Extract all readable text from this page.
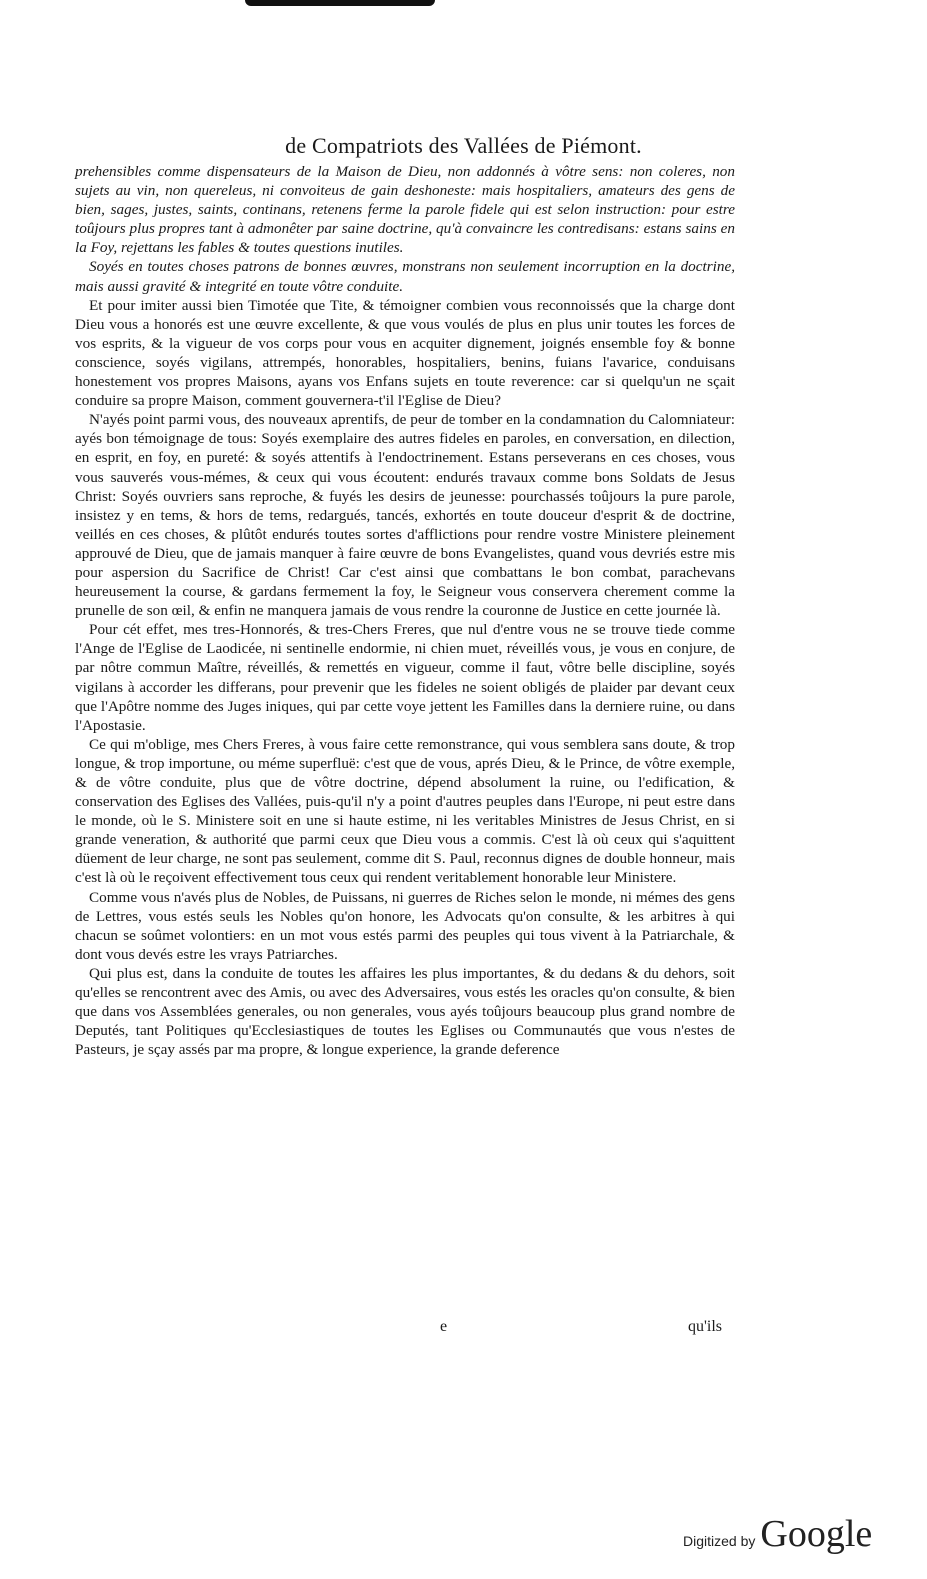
de Compatriots des Vallées de Piémont.

prehensibles comme dispensateurs de la Maison de Dieu, non addonnés à vôtre sens: non coleres, non sujets au vin, non quereleus, ni convoiteus de gain deshoneste: mais hospitaliers, amateurs des gens de bien, sages, justes, saints, continans, retenens ferme la parole fidele qui est selon instruction: pour estre toûjours plus propres tant à admonêter par saine doctrine, qu'à convaincre les contredisans: estans sains en la Foy, rejettans les fables & toutes questions inutiles.

Soyés en toutes choses patrons de bonnes œuvres, monstrans non seulement incorruption en la doctrine, mais aussi gravité & integrité en toute vôtre conduite.

Et pour imiter aussi bien Timotée que Tite, & témoigner combien vous reconnoissés que la charge dont Dieu vous a honorés est une œuvre excellente, & que vous voulés de plus en plus unir toutes les forces de vos esprits, & la vigueur de vos corps pour vous en acquiter dignement, joignés ensemble foy & bonne conscience, soyés vigilans, attrempés, honorables, hospitaliers, benins, fuians l'avarice, conduisans honestement vos propres Maisons, ayans vos Enfans sujets en toute reverence: car si quelqu'un ne sçait conduire sa propre Maison, comment gouvernera-t'il l'Eglise de Dieu?

N'ayés point parmi vous, des nouveaux aprentifs, de peur de tomber en la condamnation du Calomniateur: ayés bon témoignage de tous: Soyés exemplaire des autres fideles en paroles, en conversation, en dilection, en esprit, en foy, en pureté: & soyés attentifs à l'endoctrinement. Estans perseverans en ces choses, vous vous sauverés vous-mémes, & ceux qui vous écoutent: endurés travaux comme bons Soldats de Jesus Christ: Soyés ouvriers sans reproche, & fuyés les desirs de jeunesse: pourchassés toûjours la pure parole, insistez y en tems, & hors de tems, redargués, tancés, exhortés en toute douceur d'esprit & de doctrine, veillés en ces choses, & plûtôt endurés toutes sortes d'afflictions pour rendre vostre Ministere pleinement approuvé de Dieu, que de jamais manquer à faire œuvre de bons Evangelistes, quand vous devriés estre mis pour aspersion du Sacrifice de Christ! Car c'est ainsi que combattans le bon combat, parachevans heureusement la course, & gardans fermement la foy, le Seigneur vous conservera cherement comme la prunelle de son œil, & enfin ne manquera jamais de vous rendre la couronne de Justice en cette journée là.

Pour cét effet, mes tres-Honnorés, & tres-Chers Freres, que nul d'entre vous ne se trouve tiede comme l'Ange de l'Eglise de Laodicée, ni sentinelle endormie, ni chien muet, réveillés vous, je vous en conjure, de par nôtre commun Maître, réveillés, & remettés en vigueur, comme il faut, vôtre belle discipline, soyés vigilans à accorder les differans, pour prevenir que les fideles ne soient obligés de plaider par devant ceux que l'Apôtre nomme des Juges iniques, qui par cette voye jettent les Familles dans la derniere ruine, ou dans l'Apostasie.

Ce qui m'oblige, mes Chers Freres, à vous faire cette remonstrance, qui vous semblera sans doute, & trop longue, & trop importune, ou méme superfluë: c'est que de vous, aprés Dieu, & le Prince, de vôtre exemple, & de vôtre conduite, plus que de vôtre doctrine, dépend absolument la ruine, ou l'edification, & conservation des Eglises des Vallées, puis-qu'il n'y a point d'autres peuples dans l'Europe, ni peut estre dans le monde, où le S. Ministere soit en une si haute estime, ni les veritables Ministres de Jesus Christ, en si grande veneration, & authorité que parmi ceux que Dieu vous a commis. C'est là où ceux qui s'aquittent düement de leur charge, ne sont pas seulement, comme dit S. Paul, reconnus dignes de double honneur, mais c'est là où le reçoivent effectivement tous ceux qui rendent veritablement honorable leur Ministere.

Comme vous n'avés plus de Nobles, de Puissans, ni guerres de Riches selon le monde, ni mémes des gens de Lettres, vous estés seuls les Nobles qu'on honore, les Advocats qu'on consulte, & les arbitres à qui chacun se soûmet volontiers: en un mot vous estés parmi des peuples qui tous vivent à la Patriarchale, & dont vous devés estre les vrays Patriarches.

Qui plus est, dans la conduite de toutes les affaires les plus importantes, & du dedans & du dehors, soit qu'elles se rencontrent avec des Amis, ou avec des Adversaires, vous estés les oracles qu'on consulte, & bien que dans vos Assemblées generales, ou non generales, vous ayés toûjours beaucoup plus grand nombre de Deputés, tant Politiques qu'Ecclesiastiques de toutes les Eglises ou Communautés que vous n'estes de Pasteurs, je sçay assés par ma propre, & longue experience, la grande deference

e	qu'ils
Digitized by Google
